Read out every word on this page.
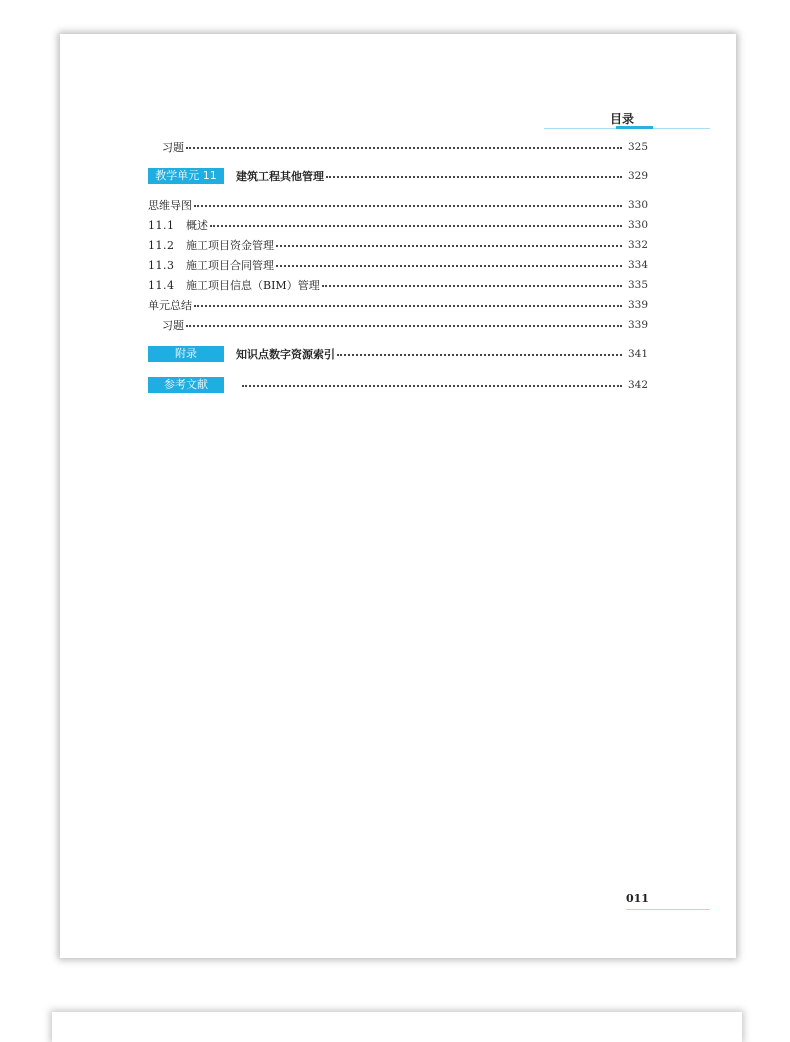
目录
习题	325
教学单元 11	建筑工程其他管理	329
思维导图	330
11.1	概述	330
11.2	施工项目资金管理	332
11.3	施工项目合同管理	334
11.4	施工项目信息（BIM）管理	335
单元总结	339
习题	339
附录	知识点数字资源索引	341
参考文献	342
011
